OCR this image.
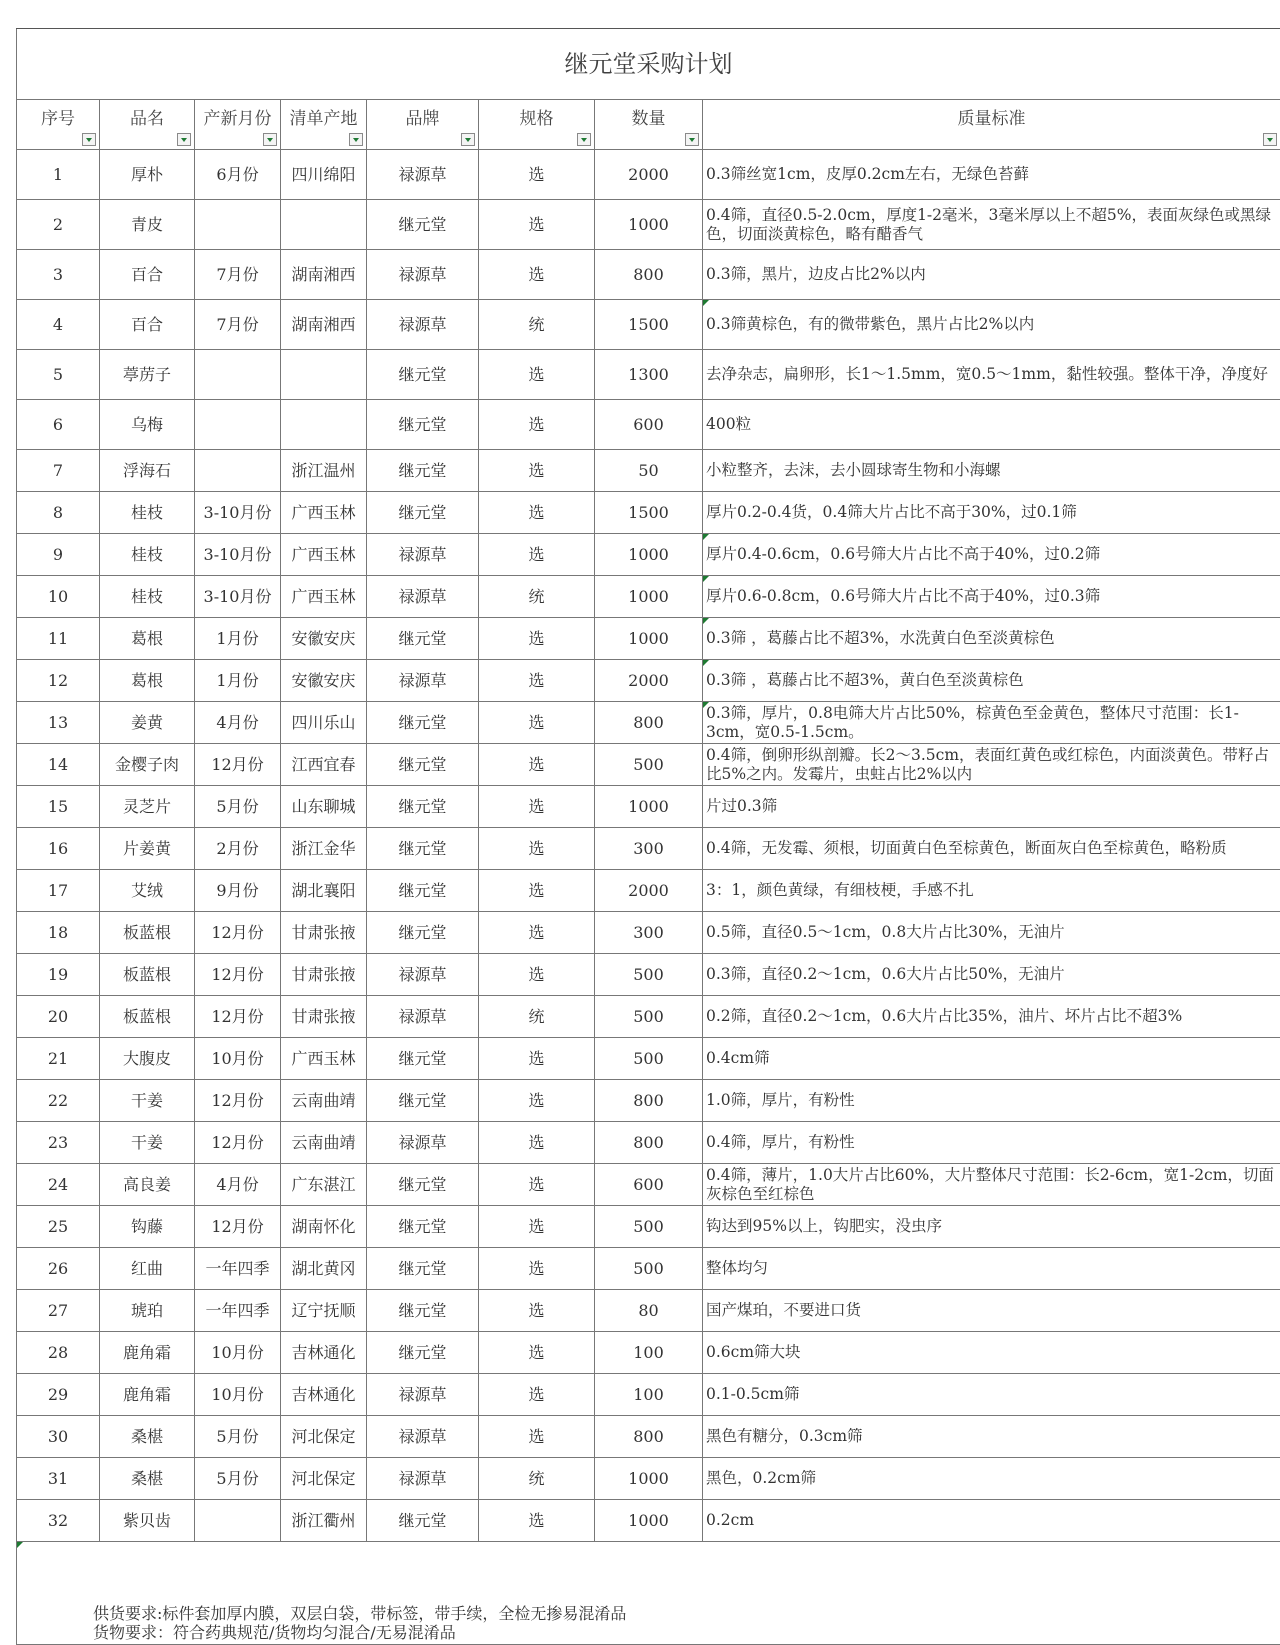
继元堂采购计划							

序号	品名	产新月份	清单产地	品牌	规格	数量	质量标准

1	厚朴	6月份	四川绵阳	禄源草	选	2000	0.3筛丝宽1cm，皮厚0.2cm左右，无绿色苔藓

2	青皮			继元堂	选	1000	0.4筛，直径0.5-2.0cm，厚度1-2毫米，3毫米厚以上不超5%，表面灰绿色或黑绿色，切面淡黄棕色，略有醋香气

3	百合	7月份	湖南湘西	禄源草	选	800	0.3筛，黑片，边皮占比2%以内

4	百合	7月份	湖南湘西	禄源草	统	1500	0.3筛黄棕色，有的微带紫色，黑片占比2%以内

5	葶苈子			继元堂	选	1300	去净杂志，扁卵形，长1～1.5mm，宽0.5～1mm，黏性较强。整体干净，净度好

6	乌梅			继元堂	选	600	400粒

7	浮海石		浙江温州	继元堂	选	50	小粒整齐，去沫，去小圆球寄生物和小海螺

8	桂枝	3-10月份	广西玉林	继元堂	选	1500	厚片0.2-0.4货，0.4筛大片占比不高于30%，过0.1筛

9	桂枝	3-10月份	广西玉林	禄源草	选	1000	厚片0.4-0.6cm，0.6号筛大片占比不高于40%，过0.2筛

10	桂枝	3-10月份	广西玉林	禄源草	统	1000	厚片0.6-0.8cm，0.6号筛大片占比不高于40%，过0.3筛

11	葛根	1月份	安徽安庆	继元堂	选	1000	0.3筛 ，葛藤占比不超3%，水洗黄白色至淡黄棕色

12	葛根	1月份	安徽安庆	禄源草	选	2000	0.3筛 ，葛藤占比不超3%，黄白色至淡黄棕色

13	姜黄	4月份	四川乐山	继元堂	选	800	0.3筛，厚片，0.8电筛大片占比50%，棕黄色至金黄色，整体尺寸范围：长1-3cm，宽0.5-1.5cm。

14	金樱子肉	12月份	江西宜春	继元堂	选	500	0.4筛，倒卵形纵剖瓣。长2～3.5cm，表面红黄色或红棕色，内面淡黄色。带籽占比5%之内。发霉片，虫蛀占比2%以内

15	灵芝片	5月份	山东聊城	继元堂	选	1000	片过0.3筛

16	片姜黄	2月份	浙江金华	继元堂	选	300	0.4筛，无发霉、须根，切面黄白色至棕黄色，断面灰白色至棕黄色，略粉质

17	艾绒	9月份	湖北襄阳	继元堂	选	2000	3：1，颜色黄绿，有细枝梗，手感不扎

18	板蓝根	12月份	甘肃张掖	继元堂	选	300	0.5筛，直径0.5～1cm，0.8大片占比30%，无油片

19	板蓝根	12月份	甘肃张掖	禄源草	选	500	0.3筛，直径0.2～1cm，0.6大片占比50%，无油片

20	板蓝根	12月份	甘肃张掖	禄源草	统	500	0.2筛，直径0.2～1cm，0.6大片占比35%，油片、坏片占比不超3%

21	大腹皮	10月份	广西玉林	继元堂	选	500	0.4cm筛

22	干姜	12月份	云南曲靖	继元堂	选	800	1.0筛，厚片，有粉性

23	干姜	12月份	云南曲靖	禄源草	选	800	0.4筛，厚片，有粉性

24	高良姜	4月份	广东湛江	继元堂	选	600	0.4筛，薄片，1.0大片占比60%，大片整体尺寸范围：长2-6cm，宽1-2cm，切面灰棕色至红棕色

25	钩藤	12月份	湖南怀化	继元堂	选	500	钩达到95%以上，钩肥实，没虫序

26	红曲	一年四季	湖北黄冈	继元堂	选	500	整体均匀

27	琥珀	一年四季	辽宁抚顺	继元堂	选	80	国产煤珀，不要进口货

28	鹿角霜	10月份	吉林通化	继元堂	选	100	0.6cm筛大块

29	鹿角霜	10月份	吉林通化	禄源草	选	100	0.1-0.5cm筛

30	桑椹	5月份	河北保定	禄源草	选	800	黑色有糖分，0.3cm筛

31	桑椹	5月份	河北保定	禄源草	统	1000	黑色，0.2cm筛

32	紫贝齿		浙江衢州	继元堂	选	1000	0.2cm

供货要求:标件套加厚内膜，双层白袋，带标签，带手续，全检无掺易混淆品
货物要求：符合药典规范/货物均匀混合/无易混淆品							
